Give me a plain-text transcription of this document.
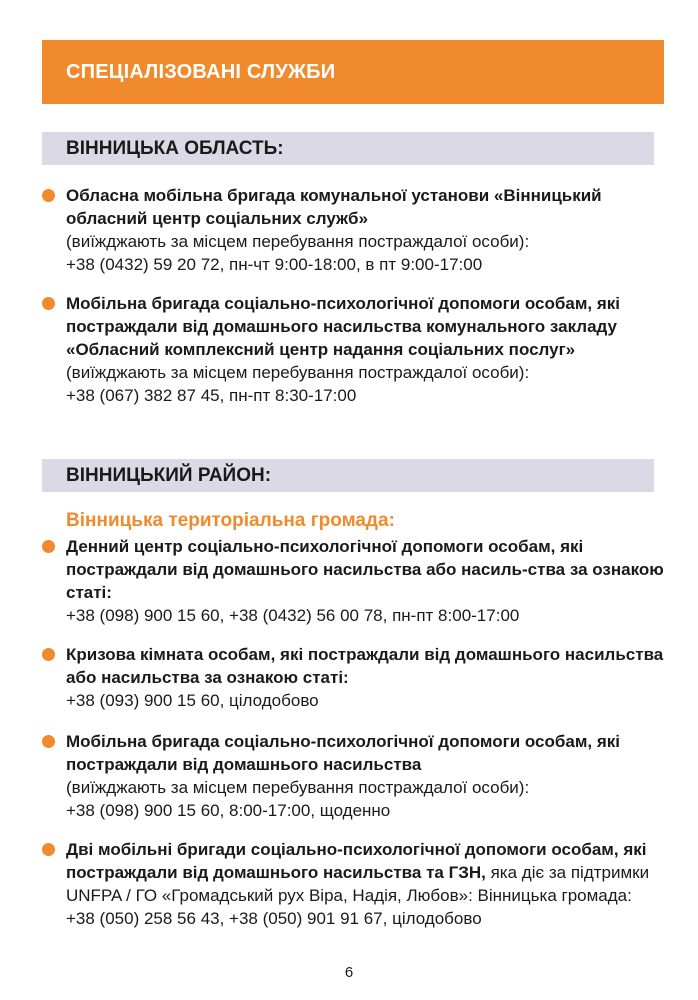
СПЕЦІАЛІЗОВАНІ СЛУЖБИ
ВІННИЦЬКА ОБЛАСТЬ:
Обласна мобільна бригада комунальної установи «Вінницький обласний центр соціальних служб»
(виїжджають за місцем перебування постраждалої особи):
+38 (0432) 59 20 72, пн-чт 9:00-18:00, в пт 9:00-17:00
Мобільна бригада соціально-психологічної допомоги особам, які постраждали від домашнього насильства комунального закладу «Обласний комплексний центр надання соціальних послуг»
(виїжджають за місцем перебування постраждалої особи):
+38 (067) 382 87 45, пн-пт 8:30-17:00
ВІННИЦЬКИЙ РАЙОН:
Вінницька територіальна громада:
Денний центр соціально-психологічної допомоги особам, які постраждали від домашнього насильства або насиль-ства за ознакою статі:
+38 (098) 900 15 60, +38 (0432) 56 00 78, пн-пт 8:00-17:00
Кризова кімната особам, які постраждали від домашнього насильства або насильства за ознакою статі:
+38 (093) 900 15 60, цілодобово
Мобільна бригада соціально-психологічної допомоги особам, які постраждали від домашнього насильства
(виїжджають за місцем перебування постраждалої особи):
+38 (098) 900 15 60, 8:00-17:00, щоденно
Дві мобільні бригади соціально-психологічної допомоги особам, які постраждали від домашнього насильства та ГЗН, яка діє за підтримки UNFPA / ГО «Громадський рух Віра, Надія, Любов»: Вінницька громада:
+38 (050) 258 56 43, +38 (050) 901 91 67, цілодобово
6
